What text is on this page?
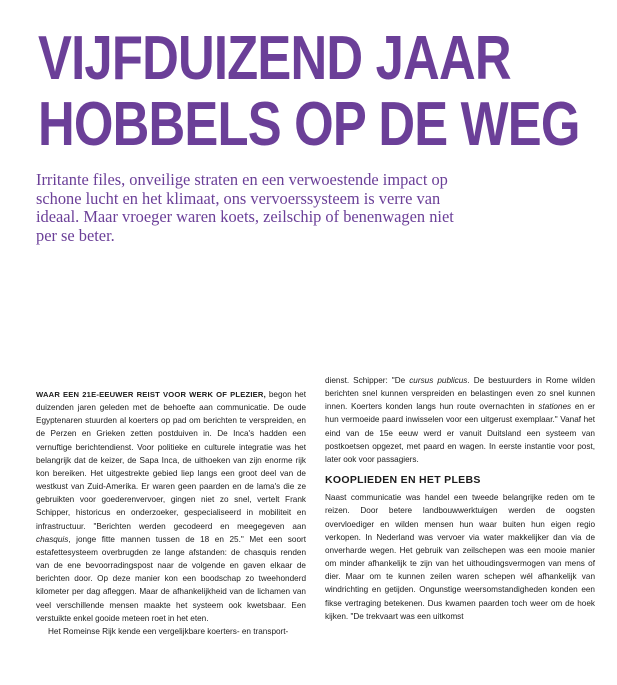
VIJFDUIZEND JAAR
HOBBELS OP DE WEG

Irritante files, onveilige straten en een verwoestende impact op schone lucht en het klimaat, ons vervoerssysteem is verre van ideaal. Maar vroeger waren koets, zeilschip of benenwagen niet per se beter.

WAAR EEN 21E-EEUWER REIST VOOR WERK OF PLEZIER, begon het duizenden jaren geleden met de behoefte aan communicatie. De oude Egyptenaren stuurden al koerters op pad om berichten te verspreiden, en de Perzen en Grieken zetten postduiven in. De Inca's hadden een vernuftige berichtendienst. Voor politieke en culturele integratie was het belangrijk dat de keizer, de Sapa Inca, de uithoeken van zijn enorme rijk kon bereiken. Het uitgestrekte gebied liep langs een groot deel van de westkust van Zuid-Amerika. Er waren geen paarden en de lama's die ze gebruikten voor goederenvervoer, gingen niet zo snel, vertelt Frank Schipper, historicus en onderzoeker, gespecialiseerd in mobiliteit en infrastructuur. "Berichten werden gecodeerd en meegegeven aan chasquis, jonge fitte mannen tussen de 18 en 25." Met een soort estafettesysteem overbrugden ze lange afstanden: de chasquis renden van de ene bevoorradingspost naar de volgende en gaven elkaar de berichten door. Op deze manier kon een boodschap zo tweehonderd kilometer per dag afleggen. Maar de afhankelijkheid van de lichamen van veel verschillende mensen maakte het systeem ook kwetsbaar. Een verstuikte enkel gooide meteen roet in het eten.

Het Romeinse Rijk kende een vergelijkbare koerters- en transport-

dienst. Schipper: "De cursus publicus. De bestuurders in Rome wilden berichten snel kunnen verspreiden en belastingen even zo snel kunnen innen. Koerters konden langs hun route overnachten in stationes en er hun vermoeide paard inwisselen voor een uitgerust exemplaar." Vanaf het eind van de 15e eeuw werd er vanuit Duitsland een systeem van postkoetsen opgezet, met paard en wagen. In eerste instantie voor post, later ook voor passagiers.

KOOPLIEDEN EN HET PLEBS

Naast communicatie was handel een tweede belangrijke reden om te reizen. Door betere landbouwwerktuigen werden de oogsten overvloediger en wilden mensen hun waar buiten hun eigen regio verkopen. In Nederland was vervoer via water makkelijker dan via de onverharde wegen. Het gebruik van zeilschepen was een mooie manier om minder afhankelijk te zijn van het uithoudingsvermogen van mens of dier. Maar om te kunnen zeilen waren schepen wél afhankelijk van windrichting en getijden. Ongunstige weersomstandigheden konden een fikse vertraging betekenen. Dus kwamen paarden toch weer om de hoek kijken. "De trekvaart was een uitkomst
